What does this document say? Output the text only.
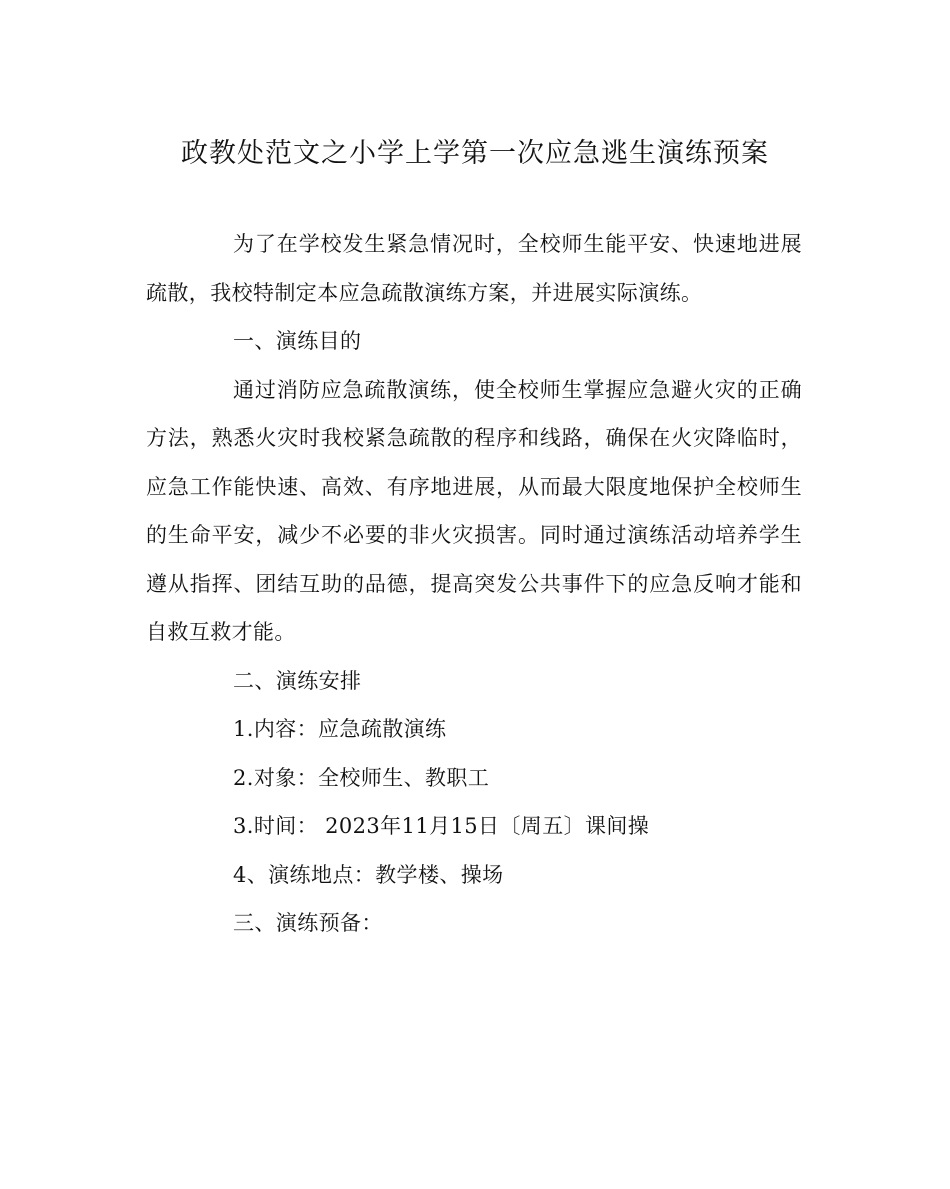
政教处范文之小学上学第一次应急逃生演练预案

为了在学校发生紧急情况时，全校师生能平安、快速地进展疏散，我校特制定本应急疏散演练方案，并进展实际演练。

一、演练目的

通过消防应急疏散演练，使全校师生掌握应急避火灾的正确方法，熟悉火灾时我校紧急疏散的程序和线路，确保在火灾降临时，应急工作能快速、高效、有序地进展，从而最大限度地保护全校师生的生命平安，减少不必要的非火灾损害。同时通过演练活动培养学生遵从指挥、团结互助的品德，提高突发公共事件下的应急反响才能和自救互救才能。

二、演练安排
1.内容：应急疏散演练
2.对象：全校师生、教职工
3.时间： 2023年11月15日〔周五〕课间操
4、演练地点：教学楼、操场
三、演练预备：
